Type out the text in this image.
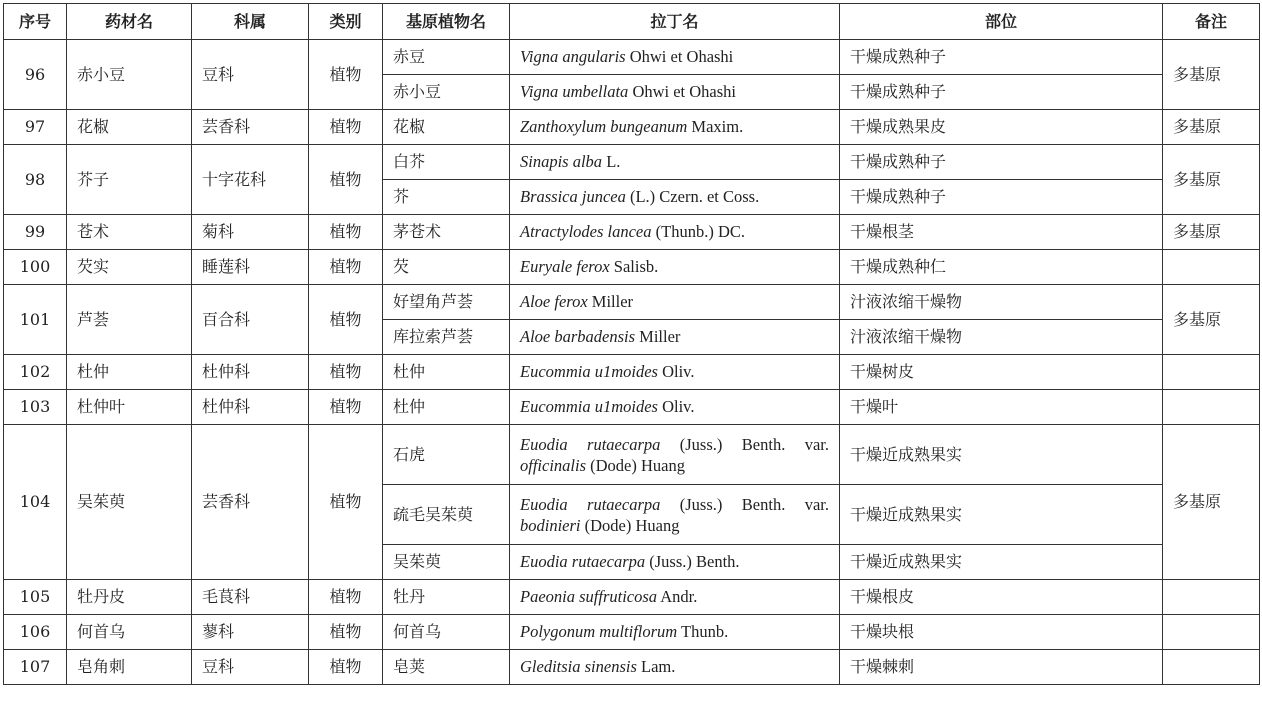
序号	药材名	科属	类别	基原植物名	拉丁名	部位	备注
96	赤小豆	豆科	植物	赤豆	Vigna angularis Ohwi et Ohashi	干燥成熟种子	多基原
				赤小豆	Vigna umbellata Ohwi et Ohashi	干燥成熟种子	
97	花椒	芸香科	植物	花椒	Zanthoxylum bungeanum Maxim.	干燥成熟果皮	多基原
98	芥子	十字花科	植物	白芥	Sinapis alba L.	干燥成熟种子	多基原
				芥	Brassica juncea (L.) Czern. et Coss.	干燥成熟种子	
99	苍术	菊科	植物	茅苍术	Atractylodes lancea (Thunb.) DC.	干燥根茎	多基原
100	芡实	睡莲科	植物	芡	Euryale ferox Salisb.	干燥成熟种仁	
101	芦荟	百合科	植物	好望角芦荟	Aloe ferox Miller	汁液浓缩干燥物	多基原
				库拉索芦荟	Aloe barbadensis Miller	汁液浓缩干燥物	
102	杜仲	杜仲科	植物	杜仲	Eucommia u1moides Oliv.	干燥树皮	
103	杜仲叶	杜仲科	植物	杜仲	Eucommia u1moides Oliv.	干燥叶	
104	吴茱萸	芸香科	植物	石虎	Euodia rutaecarpa (Juss.) Benth. var. officinalis (Dode) Huang	干燥近成熟果实	多基原
				疏毛吴茱萸	Euodia rutaecarpa (Juss.) Benth. var. bodinieri (Dode) Huang	干燥近成熟果实	
				吴茱萸	Euodia rutaecarpa (Juss.) Benth.	干燥近成熟果实	
105	牡丹皮	毛茛科	植物	牡丹	Paeonia suffruticosa Andr.	干燥根皮	
106	何首乌	蓼科	植物	何首乌	Polygonum multiflorum Thunb.	干燥块根	
107	皂角刺	豆科	植物	皂荚	Gleditsia sinensis Lam.	干燥棘刺	
